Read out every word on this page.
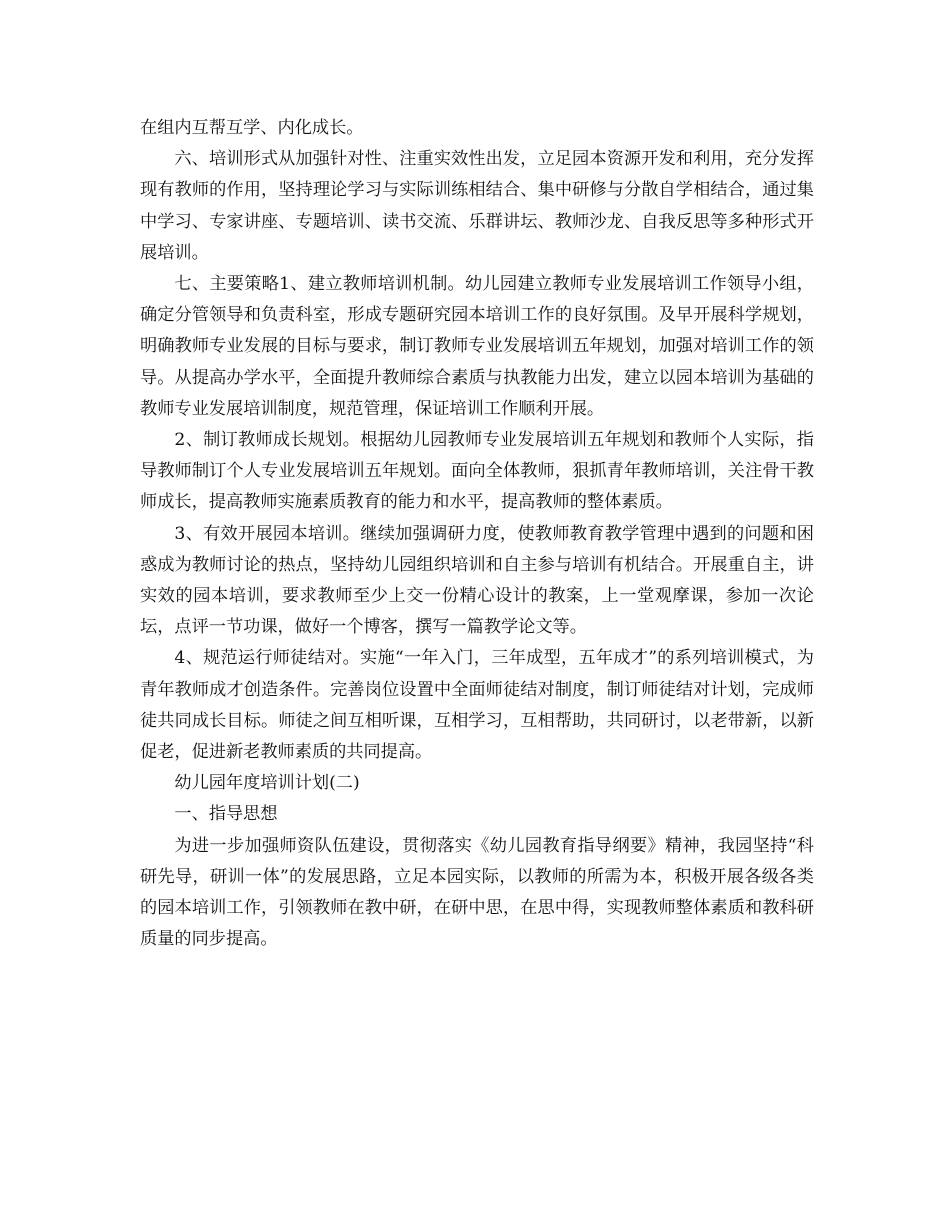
在组内互帮互学、内化成长。

六、培训形式从加强针对性、注重实效性出发，立足园本资源开发和利用，充分发挥现有教师的作用，坚持理论学习与实际训练相结合、集中研修与分散自学相结合，通过集中学习、专家讲座、专题培训、读书交流、乐群讲坛、教师沙龙、自我反思等多种形式开展培训。

七、主要策略1、建立教师培训机制。幼儿园建立教师专业发展培训工作领导小组，确定分管领导和负责科室，形成专题研究园本培训工作的良好氛围。及早开展科学规划，明确教师专业发展的目标与要求，制订教师专业发展培训五年规划，加强对培训工作的领导。从提高办学水平，全面提升教师综合素质与执教能力出发，建立以园本培训为基础的教师专业发展培训制度，规范管理，保证培训工作顺利开展。

2、制订教师成长规划。根据幼儿园教师专业发展培训五年规划和教师个人实际，指导教师制订个人专业发展培训五年规划。面向全体教师，狠抓青年教师培训，关注骨干教师成长，提高教师实施素质教育的能力和水平，提高教师的整体素质。

3、有效开展园本培训。继续加强调研力度，使教师教育教学管理中遇到的问题和困惑成为教师讨论的热点，坚持幼儿园组织培训和自主参与培训有机结合。开展重自主，讲实效的园本培训，要求教师至少上交一份精心设计的教案，上一堂观摩课，参加一次论坛，点评一节功课，做好一个博客，撰写一篇教学论文等。

4、规范运行师徒结对。实施“一年入门，三年成型，五年成才”的系列培训模式，为青年教师成才创造条件。完善岗位设置中全面师徒结对制度，制订师徒结对计划，完成师徒共同成长目标。师徒之间互相听课，互相学习，互相帮助，共同研讨，以老带新，以新促老，促进新老教师素质的共同提高。

幼儿园年度培训计划(二)

一、指导思想

为进一步加强师资队伍建设，贯彻落实《幼儿园教育指导纲要》精神，我园坚持“科研先导，研训一体”的发展思路，立足本园实际，以教师的所需为本，积极开展各级各类的园本培训工作，引领教师在教中研，在研中思，在思中得，实现教师整体素质和教科研质量的同步提高。
